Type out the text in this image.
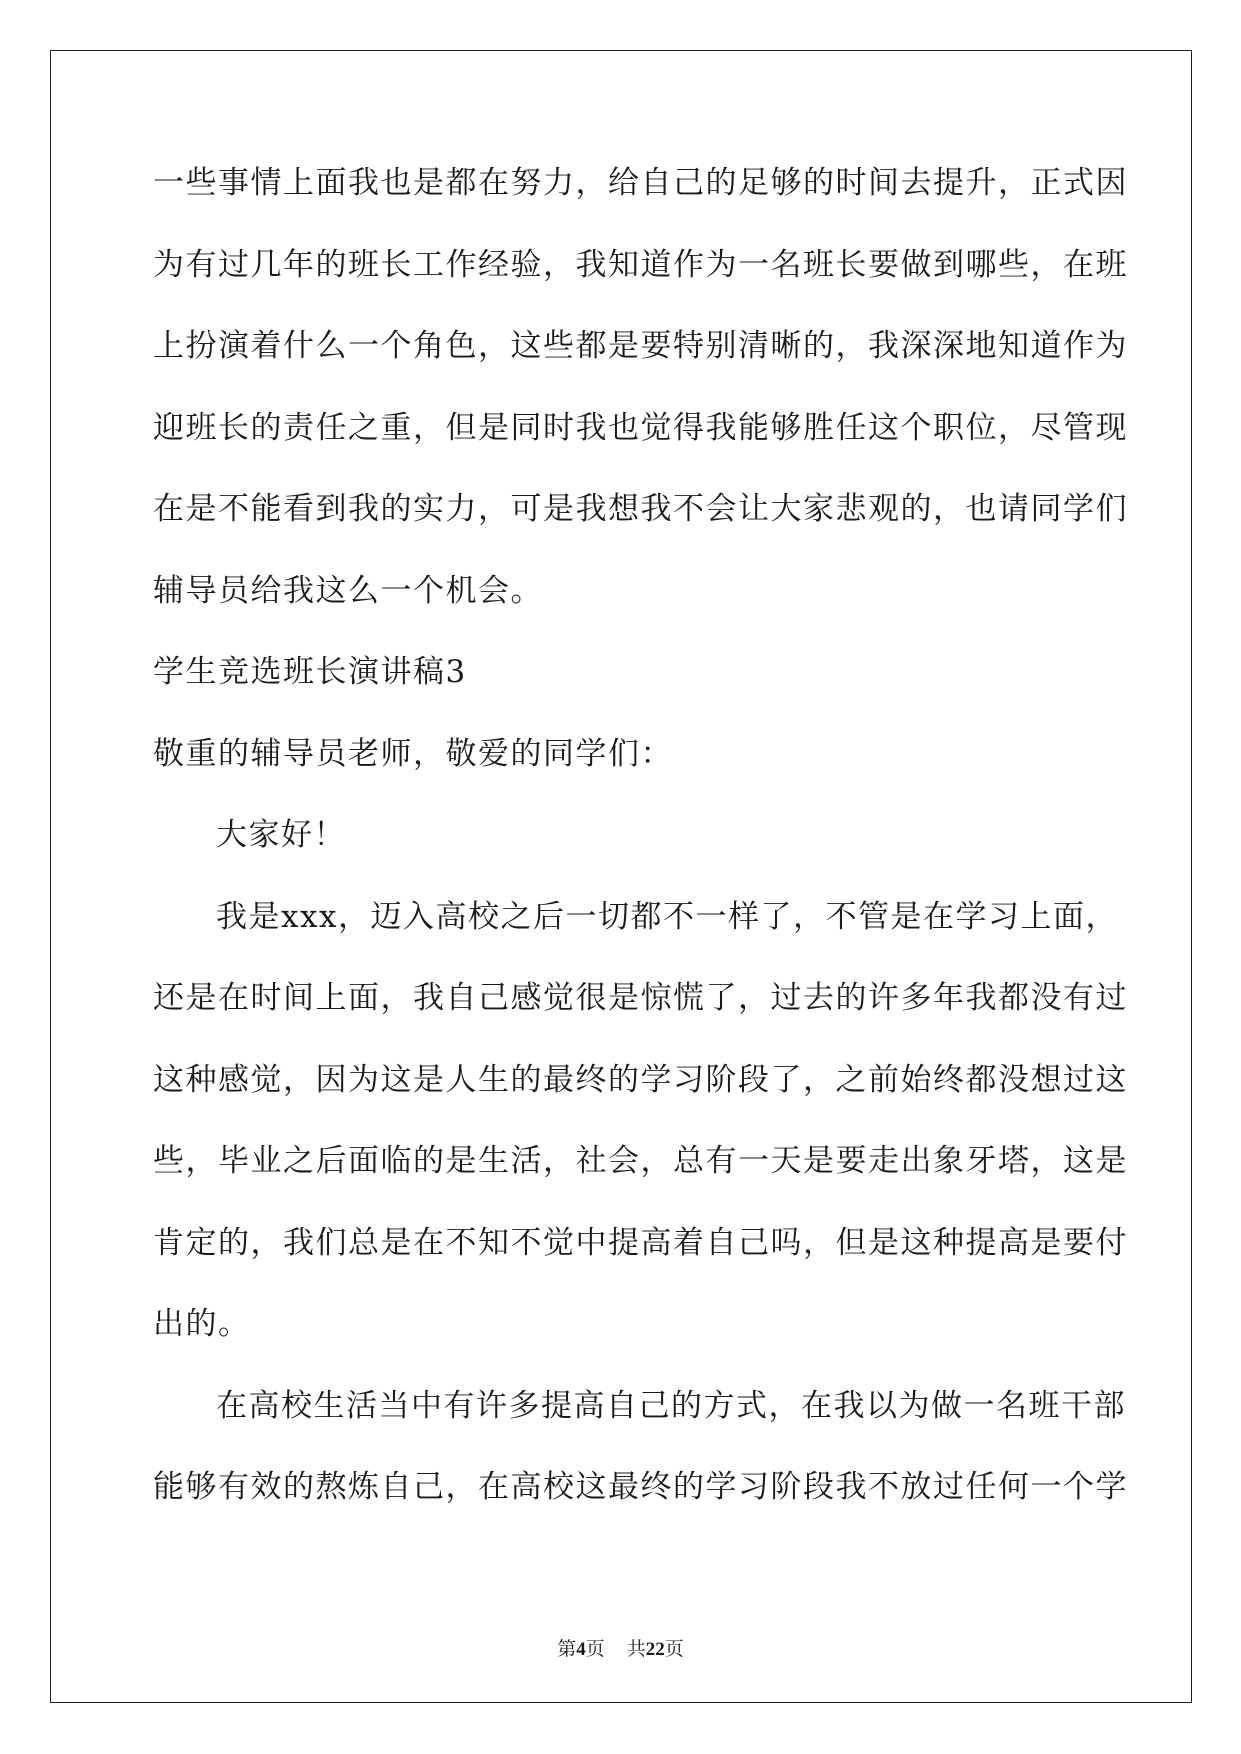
一些事情上面我也是都在努力，给自己的足够的时间去提升，正式因
为有过几年的班长工作经验，我知道作为一名班长要做到哪些，在班
上扮演着什么一个角色，这些都是要特别清晰的，我深深地知道作为
迎班长的责任之重，但是同时我也觉得我能够胜任这个职位，尽管现
在是不能看到我的实力，可是我想我不会让大家悲观的，也请同学们
辅导员给我这么一个机会。
学生竞选班长演讲稿3
敬重的辅导员老师，敬爱的同学们：
大家好！
我是xxx，迈入高校之后一切都不一样了，不管是在学习上面，
还是在时间上面，我自己感觉很是惊慌了，过去的许多年我都没有过
这种感觉，因为这是人生的最终的学习阶段了，之前始终都没想过这
些，毕业之后面临的是生活，社会，总有一天是要走出象牙塔，这是
肯定的，我们总是在不知不觉中提高着自己吗，但是这种提高是要付
出的。
在高校生活当中有许多提高自己的方式，在我以为做一名班干部
能够有效的熬炼自己，在高校这最终的学习阶段我不放过任何一个学
第4页 共22页
